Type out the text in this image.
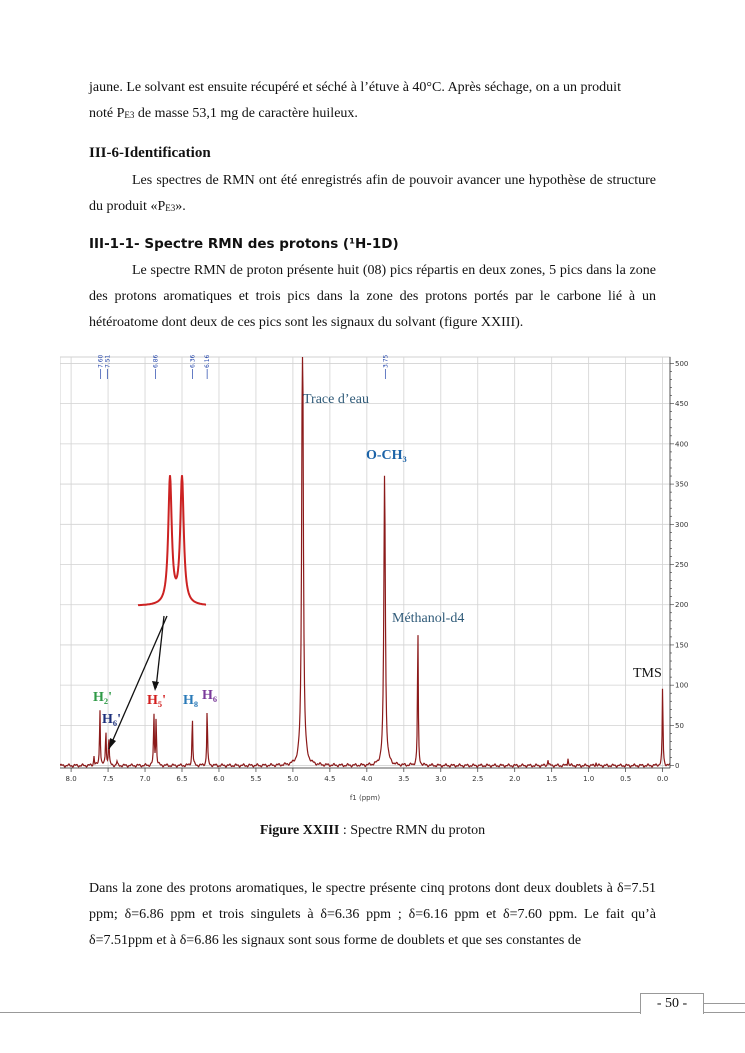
jaune. Le solvant est ensuite récupéré et séché à l’étuve à 40°C. Après séchage, on a un produit
noté $P_{E3}$ de masse 53,1 mg de caractère huileux.

III-6-Identification

Les spectres de RMN ont été enregistrés afin de pouvoir avancer une hypothèse de structure du produit «$P_{E3}$».

III-1-1- Spectre RMN des protons (¹H-1D)

Le spectre RMN de proton présente huit (08) pics répartis en deux zones, 5 pics dans la zone des protons aromatiques et trois pics dans la zone des protons portés par le carbone lié à un hétéroatome dont deux de ces pics sont les signaux du solvant (figure XXIII).

7.60 7.51	6.86	6.36 6.16	3.75
8.0	7.5	7.0	6.5	6.0	5.5	5.0	4.5	4.0	3.5	3.0	2.5	2.0	1.5	1.0	0.5	0.0
0
50
100
150
200
250
300
350
400
450
500
Trace d’eau
O-CH₃
Méthanol-d4
TMS
H₂'
H₆'
H₅' H₈ H₆
f1 (ppm)
Figure XXIII : Spectre RMN du proton

Dans la zone des protons aromatiques, le spectre présente cinq protons dont deux doublets à δ=7.51 ppm; δ=6.86 ppm et trois singulets à δ=6.36 ppm ; δ=6.16 ppm et δ=7.60 ppm. Le fait qu’à δ=7.51ppm et à δ=6.86 les signaux sont sous forme de doublets et que ses constantes de

- 50 -
